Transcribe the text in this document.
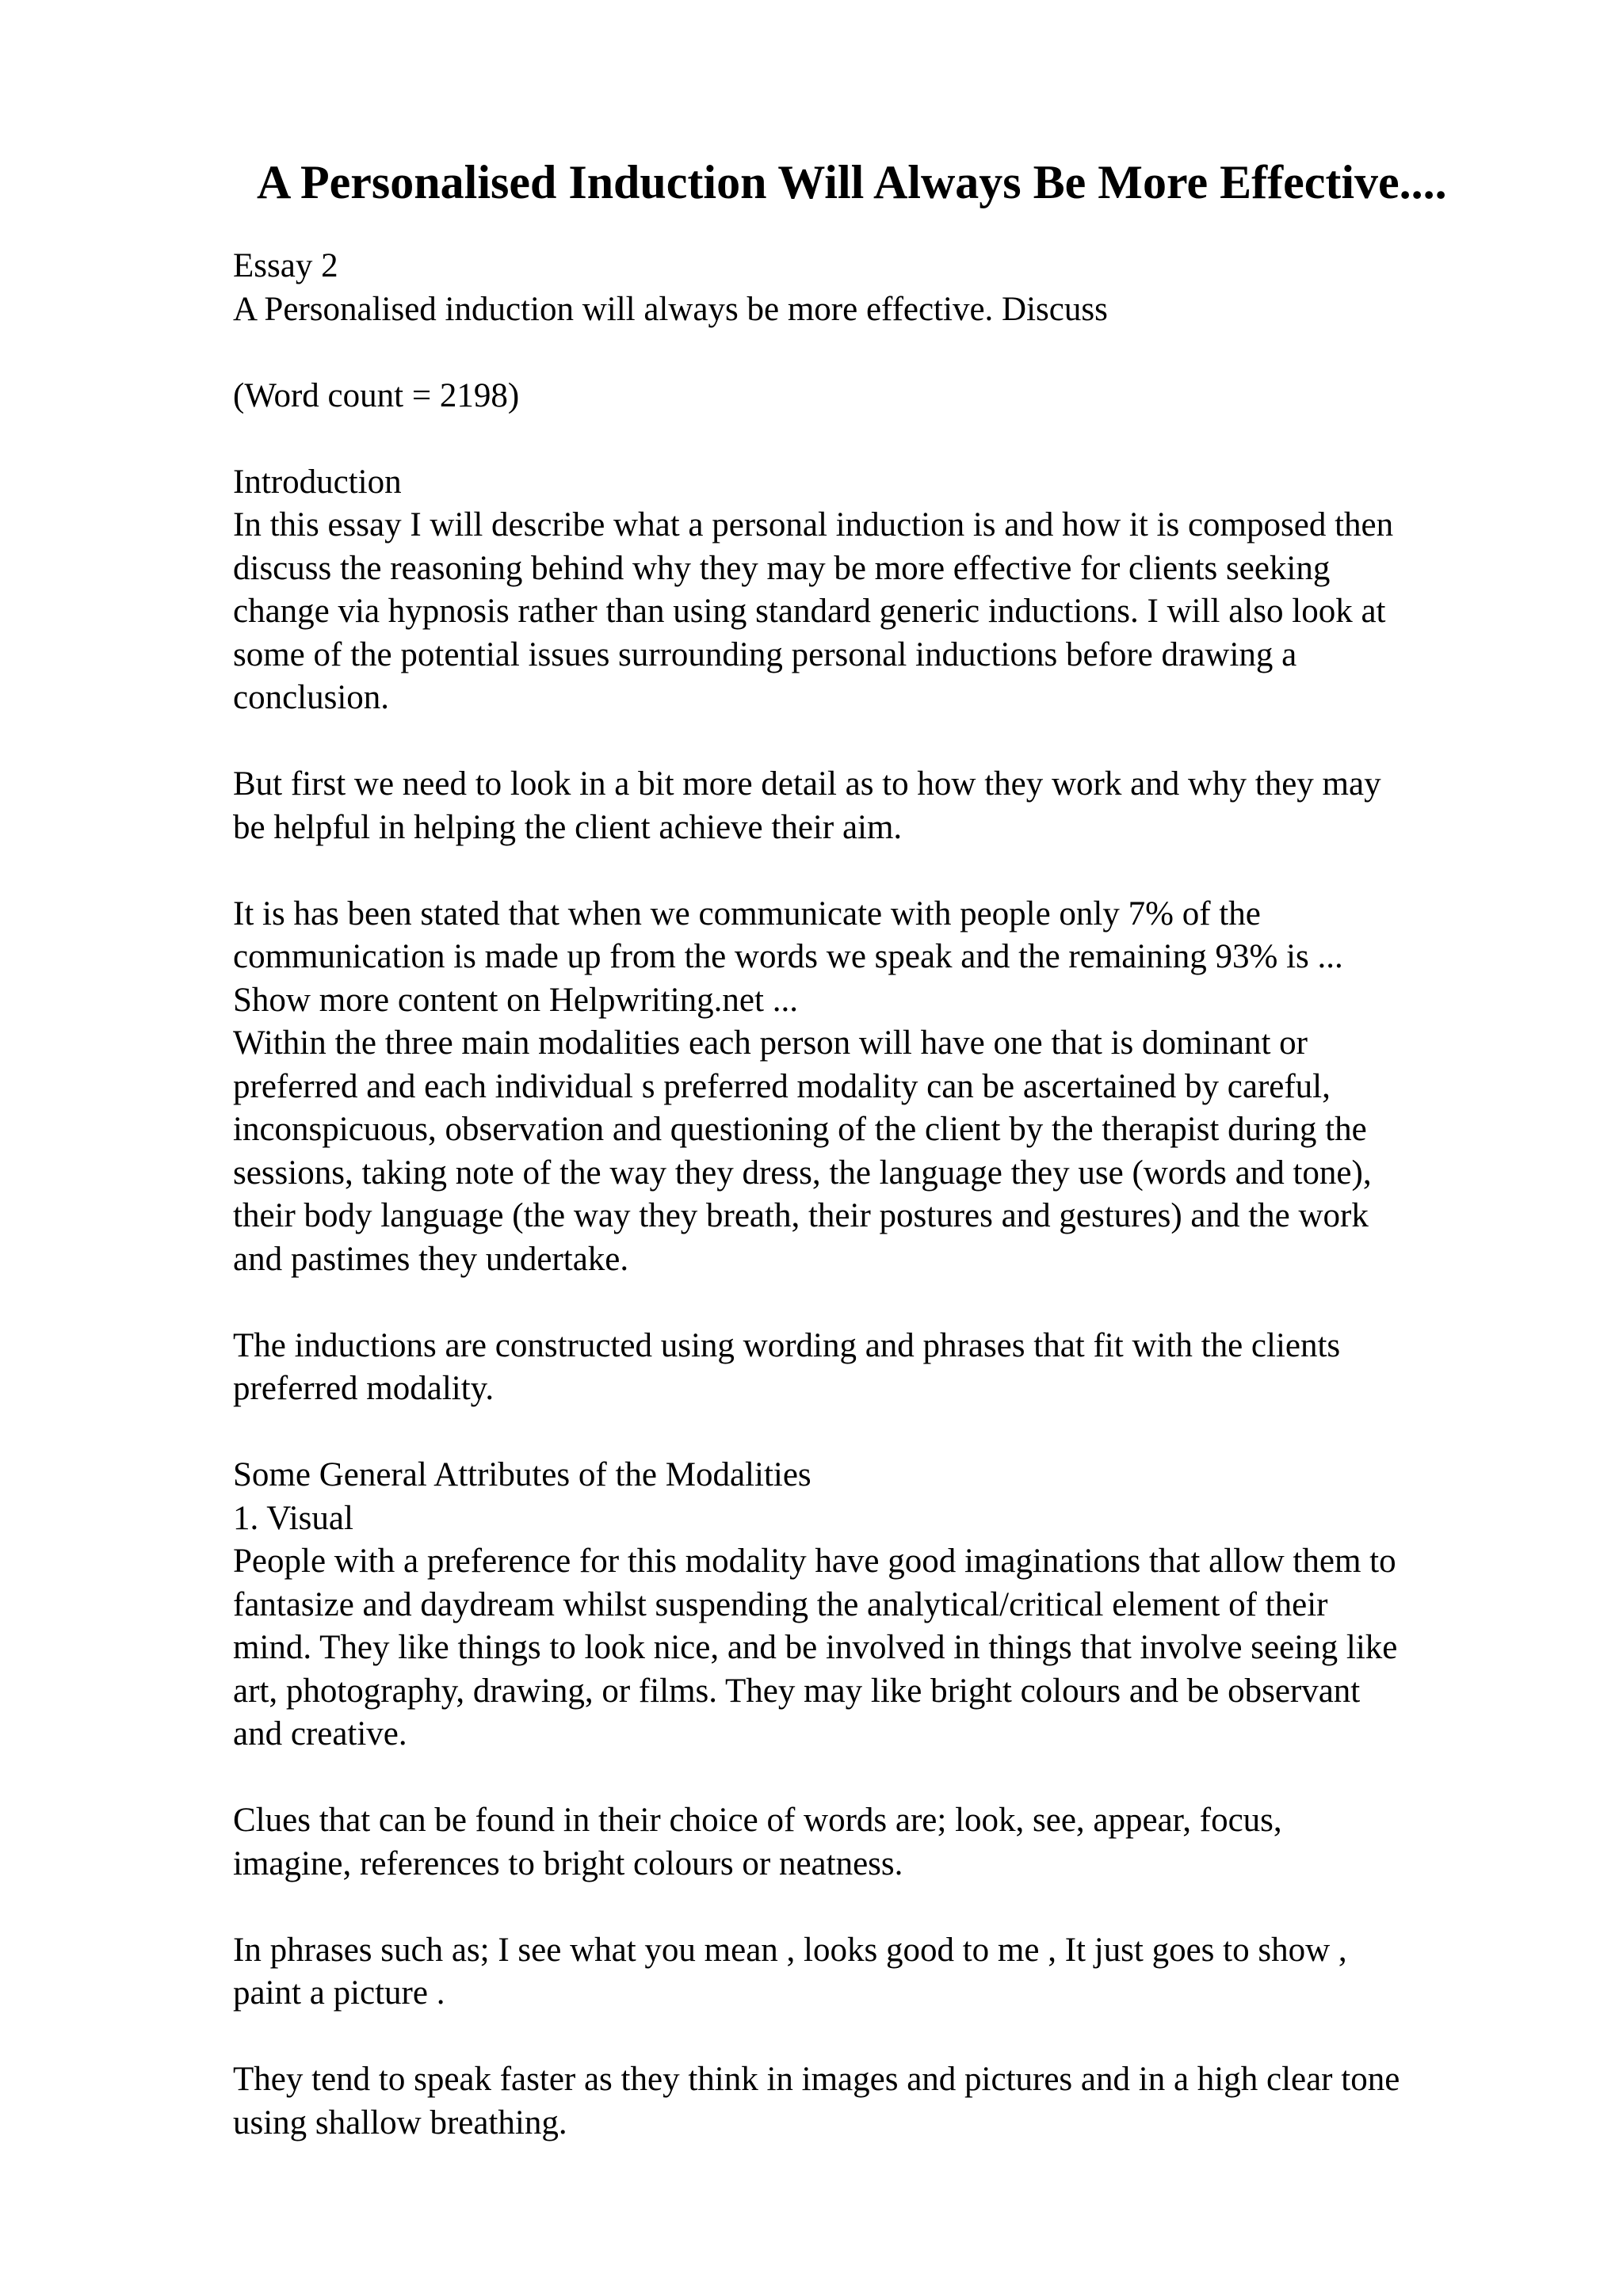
A Personalised Induction Will Always Be More Effective....

Essay 2
A Personalised induction will always be more effective. Discuss

(Word count = 2198)

Introduction
In this essay I will describe what a personal induction is and how it is composed then
discuss the reasoning behind why they may be more effective for clients seeking
change via hypnosis rather than using standard generic inductions. I will also look at
some of the potential issues surrounding personal inductions before drawing a
conclusion.

But first we need to look in a bit more detail as to how they work and why they may
be helpful in helping the client achieve their aim.

It is has been stated that when we communicate with people only 7% of the
communication is made up from the words we speak and the remaining 93% is ...
Show more content on Helpwriting.net ...
Within the three main modalities each person will have one that is dominant or
preferred and each individual s preferred modality can be ascertained by careful,
inconspicuous, observation and questioning of the client by the therapist during the
sessions, taking note of the way they dress, the language they use (words and tone),
their body language (the way they breath, their postures and gestures) and the work
and pastimes they undertake.

The inductions are constructed using wording and phrases that fit with the clients
preferred modality.

Some General Attributes of the Modalities
1. Visual
People with a preference for this modality have good imaginations that allow them to
fantasize and daydream whilst suspending the analytical/critical element of their
mind. They like things to look nice, and be involved in things that involve seeing like
art, photography, drawing, or films. They may like bright colours and be observant
and creative.

Clues that can be found in their choice of words are; look, see, appear, focus,
imagine, references to bright colours or neatness.

In phrases such as; I see what you mean , looks good to me , It just goes to show ,
paint a picture .

They tend to speak faster as they think in images and pictures and in a high clear tone
using shallow breathing.
